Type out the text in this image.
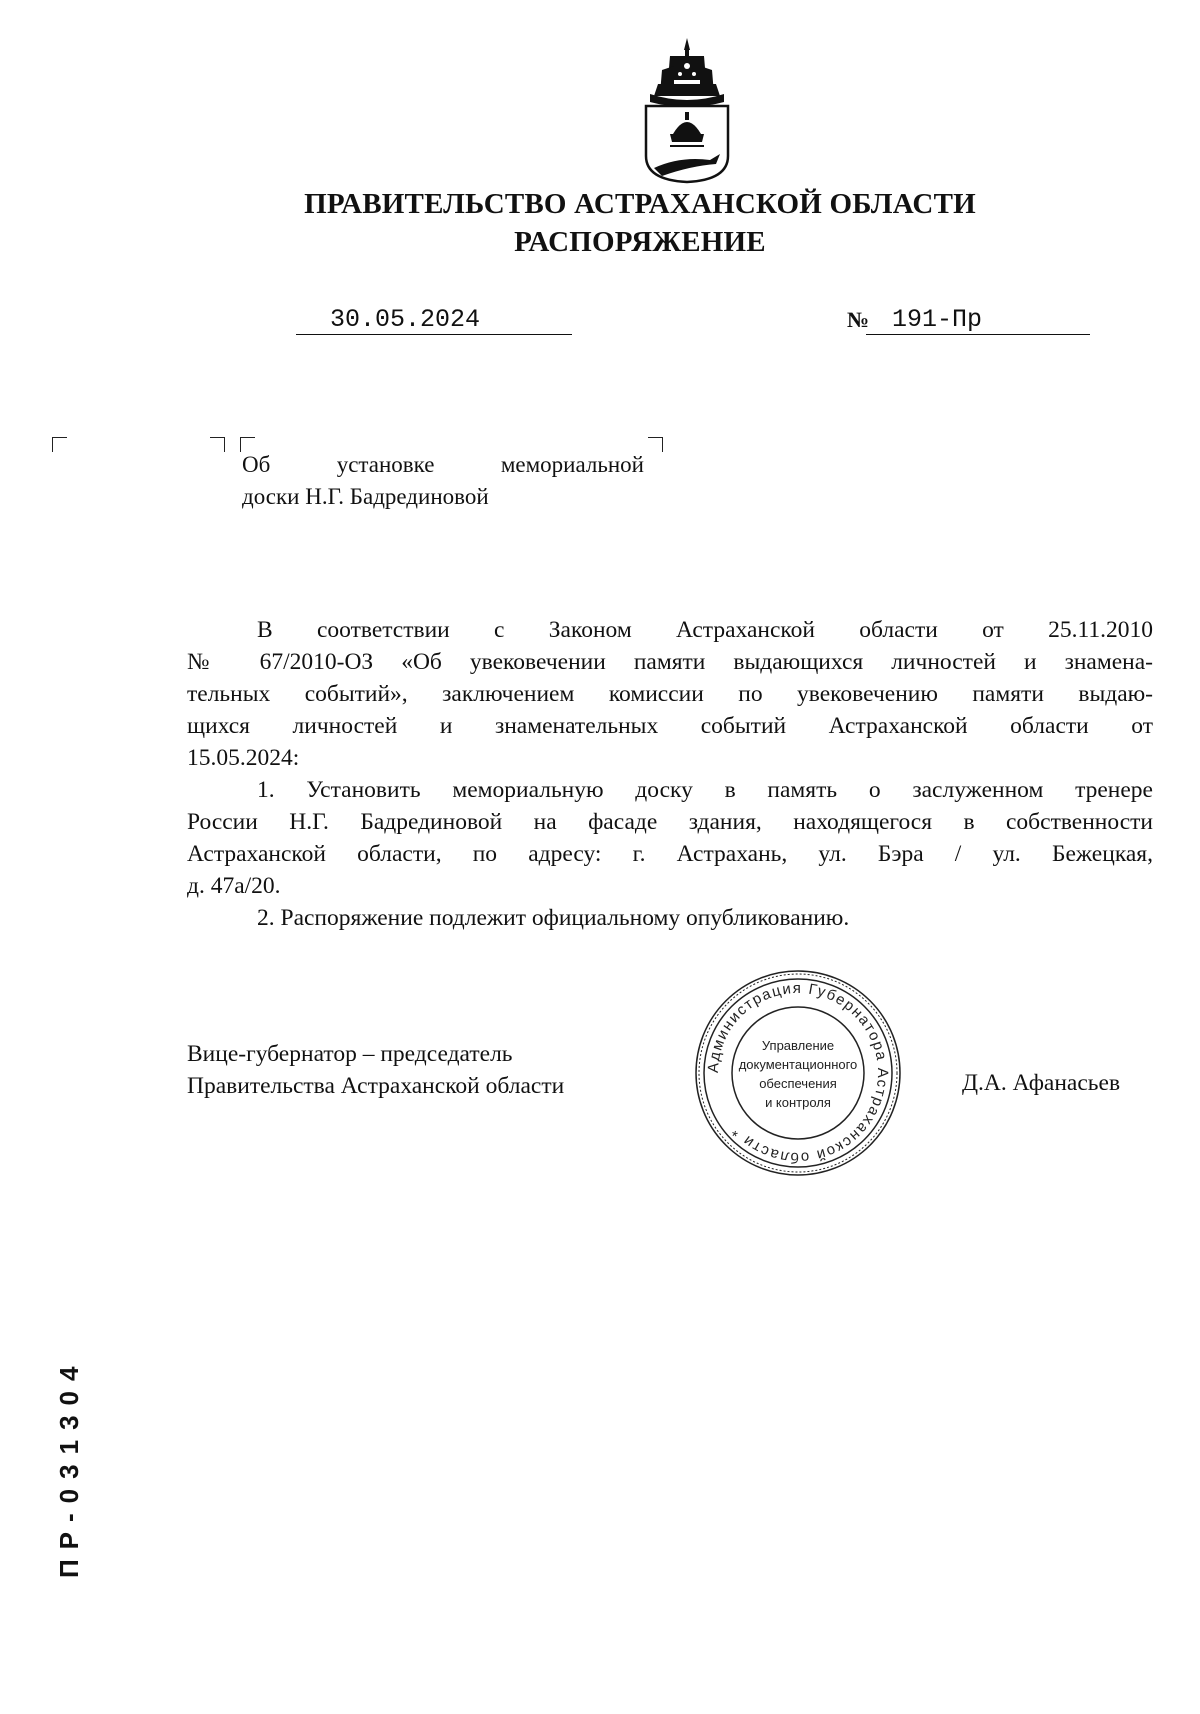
ПРАВИТЕЛЬСТВО АСТРАХАНСКОЙ ОБЛАСТИ
РАСПОРЯЖЕНИЕ
30.05.2024	№ 191-Пр
Об	установке	мемориальной
доски Н.Г. Бадрединовой
В соответствии с Законом Астраханской области от 25.11.2010
№ 67/2010-ОЗ «Об увековечении памяти выдающихся личностей и знамена-
тельных событий», заключением комиссии по увековечению памяти выдаю-
щихся личностей и знаменательных событий Астраханской области от
15.05.2024:
1. Установить мемориальную доску в память о заслуженном тренере
России Н.Г. Бадрединовой на фасаде здания, находящегося в собственности
Астраханской области, по адресу: г. Астрахань, ул. Бэра / ул. Бежецкая,
д. 47а/20.
2. Распоряжение подлежит официальному опубликованию.
Вице-губернатор – председатель
Правительства Астраханской области	Д.А. Афанасьев
Администрация Губернатора Астраханской области *
Управление
документационного
обеспечения
и контроля
ПР-031304
